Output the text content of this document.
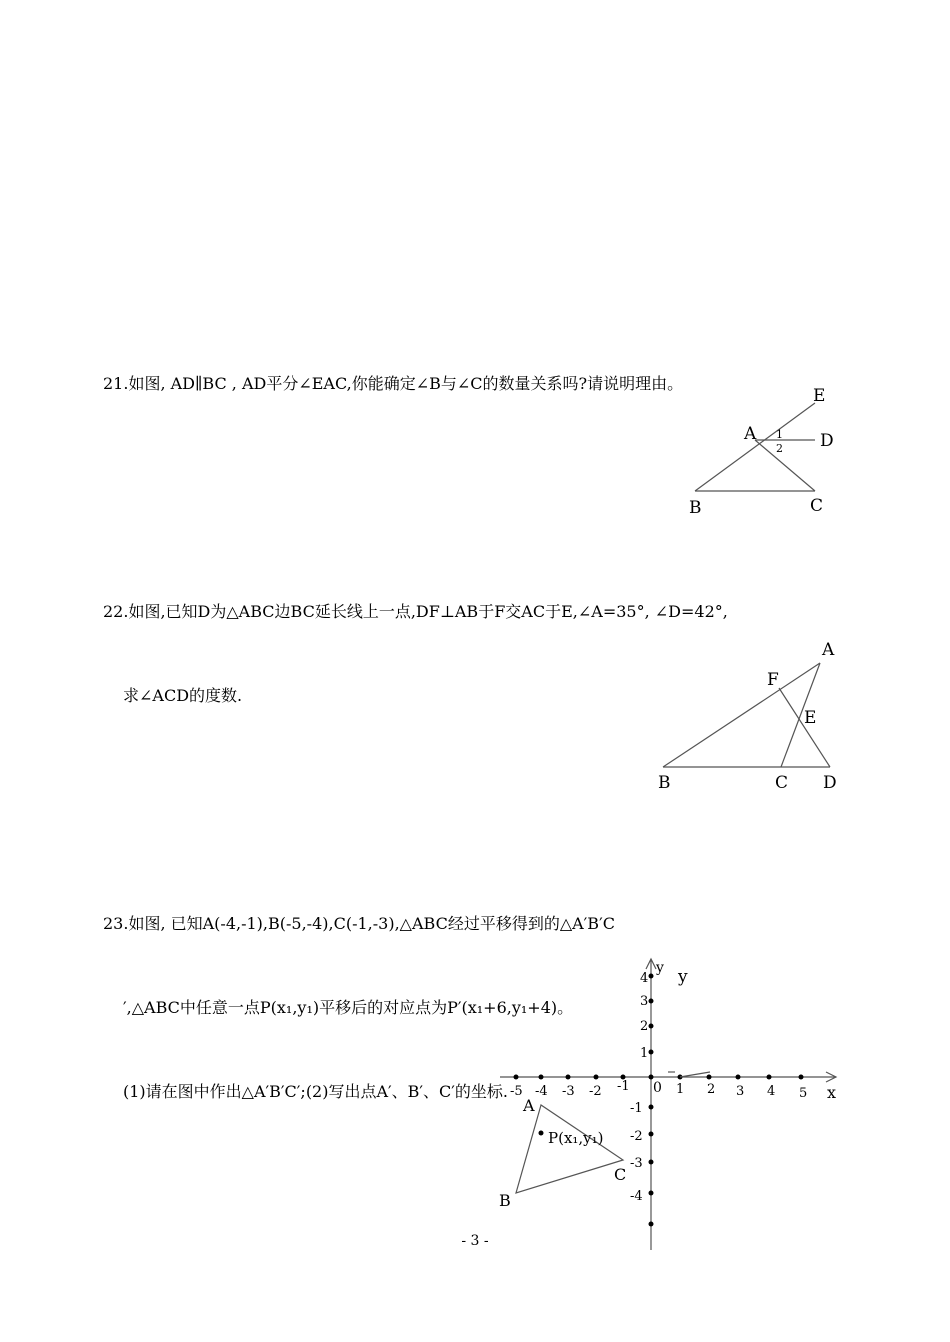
21.如图, AD∥BC , AD平分∠EAC,你能确定∠B与∠C的数量关系吗?请说明理由。

22.如图,已知D为△ABC边BC延长线上一点,DF⊥AB于F交AC于E,∠A=35°, ∠D=42°,

求∠ACD的度数.

23.如图, 已知A(-4,-1),B(-5,-4),C(-1,-3),△ABC经过平移得到的△A′B′C

′,△ABC中任意一点P(x₁,y₁)平移后的对应点为P′(x₁+6,y₁+4)。

(1)请在图中作出△A′B′C′;(2)写出点A′、B′、C′的坐标.

E
A 1
2 D
B	C
A
F
E
B	C D
x
y y
0
-5 -4 -3 -2 -1	1 2 3 4 5
1
2
3
4
-1
-2
-3
-4
A
B
C
P(x₁,y₁)
- 3 -
